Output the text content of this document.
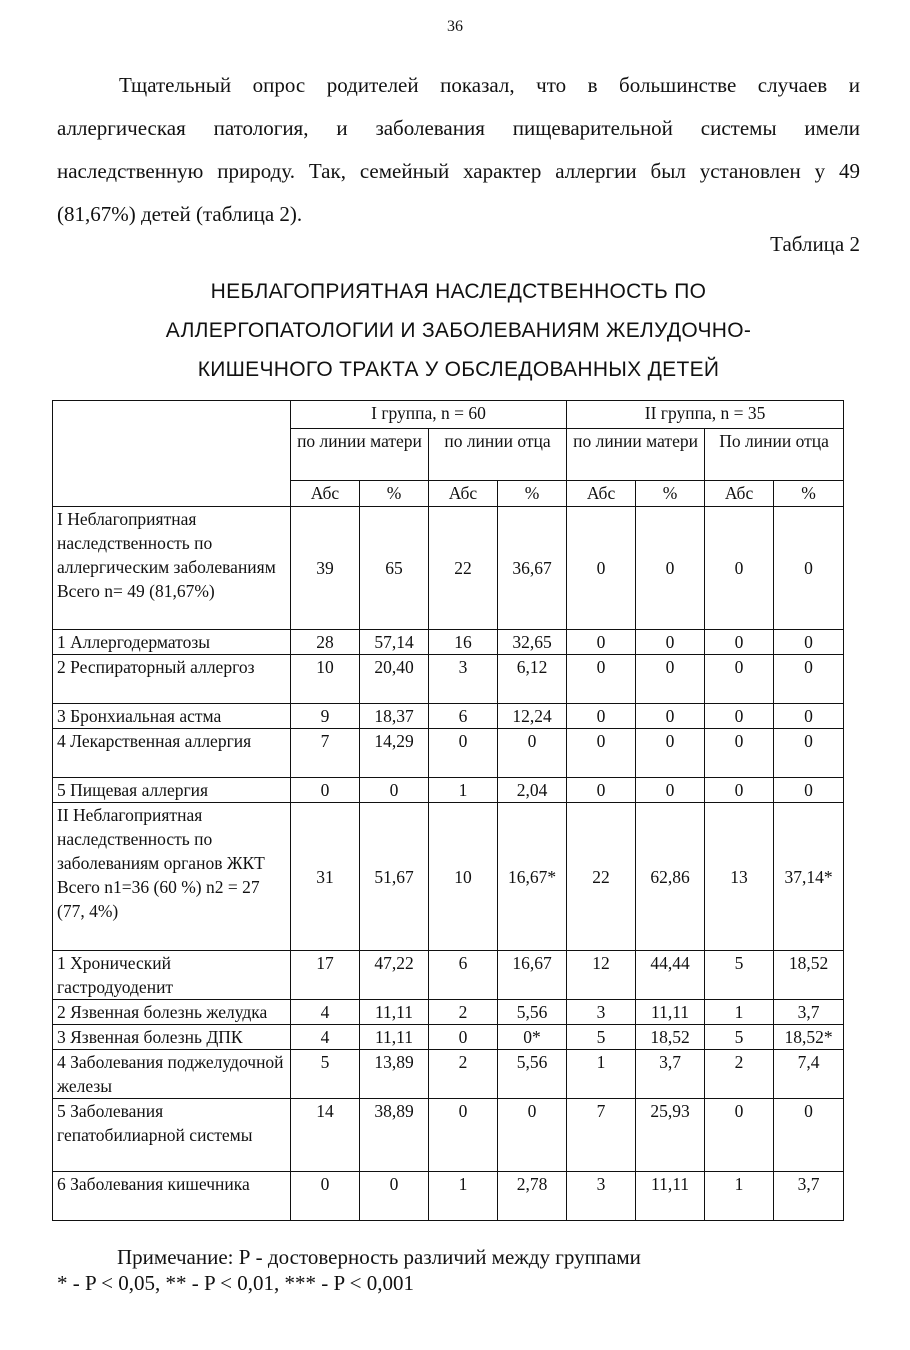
36

Тщательный опрос родителей показал, что в большинстве случаев и аллергическая патология, и заболевания пищеварительной системы имели наследственную природу. Так, семейный характер аллергии был установлен у 49 (81,67%) детей (таблица 2).

Таблица 2
НЕБЛАГОПРИЯТНАЯ НАСЛЕДСТВЕННОСТЬ ПО
АЛЛЕРГОПАТОЛОГИИ И ЗАБОЛЕВАНИЯМ ЖЕЛУДОЧНО-
КИШЕЧНОГО ТРАКТА У ОБСЛЕДОВАННЫХ ДЕТЕЙ
	I группа, n = 60				II группа, n = 35			
	по линии матери		по линии отца		по линии матери		По линии отца	
	Абс	%	Абс	%	Абс	%	Абс	%
I Неблагоприятная наследственность по аллергическим заболеваниям Всего n= 49 (81,67%)	39	65	22	36,67	0	0	0	0
1 Аллергодерматозы	28	57,14	16	32,65	0	0	0	0
2 Респираторный аллергоз	10	20,40	3	6,12	0	0	0	0
3 Бронхиальная астма	9	18,37	6	12,24	0	0	0	0
4 Лекарственная аллергия	7	14,29	0	0	0	0	0	0
5 Пищевая аллергия	0	0	1	2,04	0	0	0	0
II Неблагоприятная наследственность по заболеваниям органов ЖКТ Всего n1=36 (60 %) n2 = 27 (77, 4%)	31	51,67	10	16,67*	22	62,86	13	37,14*
1 Хронический гастродуоденит	17	47,22	6	16,67	12	44,44	5	18,52
2 Язвенная болезнь желудка	4	11,11	2	5,56	3	11,11	1	3,7
3 Язвенная болезнь ДПК	4	11,11	0	0*	5	18,52	5	18,52*
4 Заболевания поджелудочной железы	5	13,89	2	5,56	1	3,7	2	7,4
5 Заболевания гепатобилиарной системы	14	38,89	0	0	7	25,93	0	0
6 Заболевания кишечника	0	0	1	2,78	3	11,11	1	3,7
Примечание: Р - достоверность различий между группами
* - P < 0,05, ** - P < 0,01, *** - P < 0,001
